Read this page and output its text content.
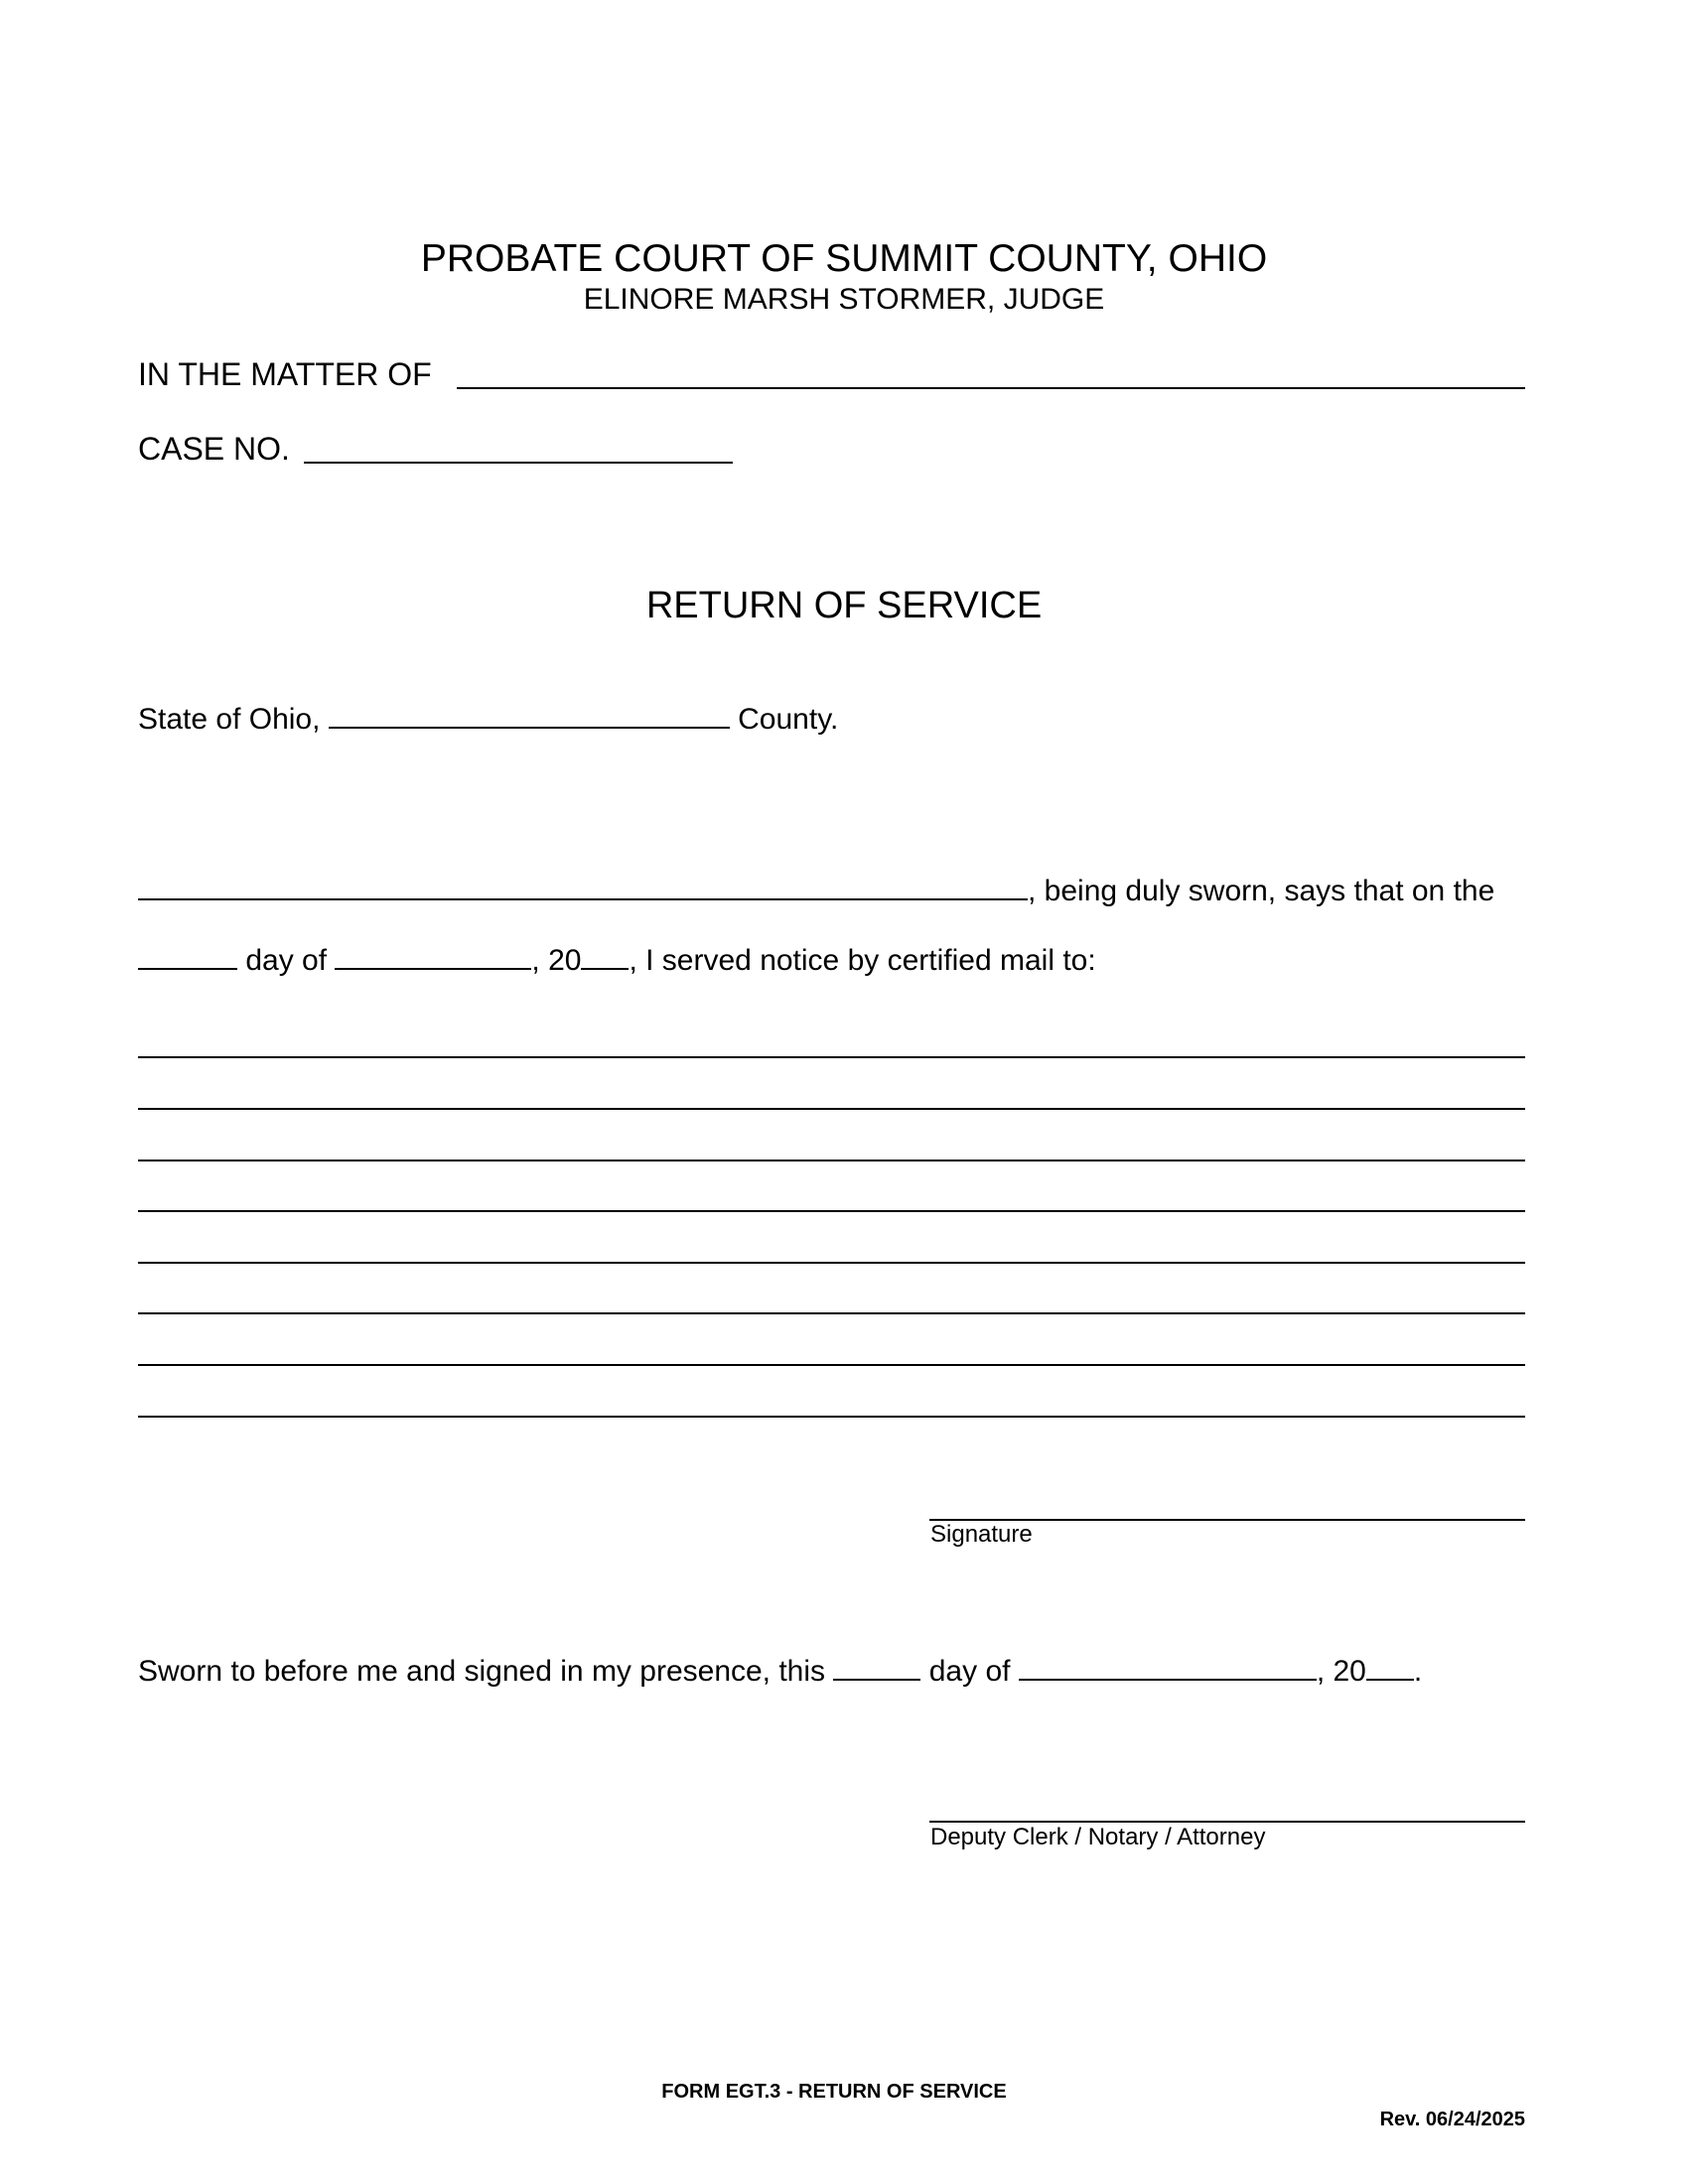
PROBATE COURT OF SUMMIT COUNTY, OHIO
ELINORE MARSH STORMER, JUDGE
IN THE MATTER OF
CASE NO.
RETURN OF SERVICE
State of Ohio,	County.
, being duly sworn, says that on the
day of	, 20 , I served notice by certified mail to:
Signature
Sworn to before me and signed in my presence, this	day of	, 20 .
Deputy Clerk / Notary / Attorney
FORM EGT.3 - RETURN OF SERVICE
Rev. 06/24/2025
